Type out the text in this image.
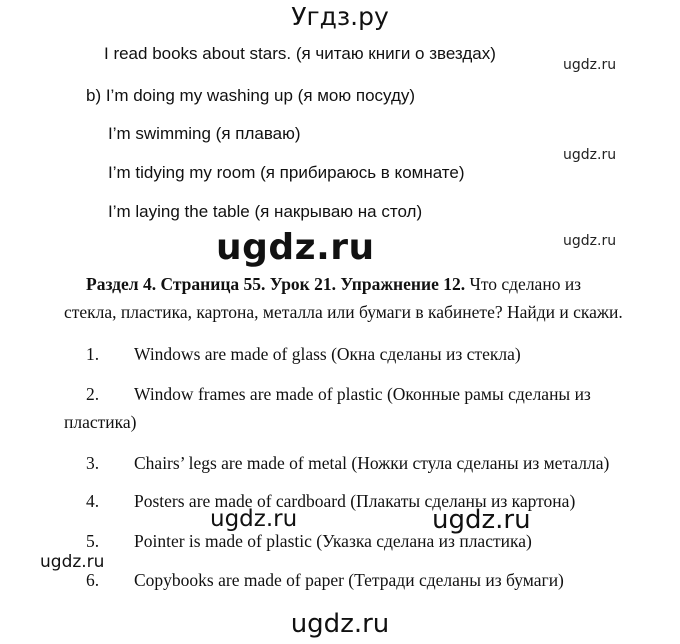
Угдз.ру
I read books about stars. (я читаю книги о звездах)
b) I’m doing my washing up (я мою посуду)
I’m swimming (я плаваю)
I’m tidying my room (я прибираюсь в комнате)
I’m laying the table (я накрываю на стол)
ugdz.ru
ugdz.ru
ugdz.ru
ugdz.ru
Раздел 4. Страница 55. Урок 21. Упражнение 12. Что сделано из
стекла, пластика, картона, металла или бумаги в кабинете? Найди и скажи.
1. Windows are made of glass (Окна сделаны из стекла)
2. Window frames are made of plastic (Оконные рамы сделаны из
пластика)
3. Chairs’ legs are made of metal (Ножки стула сделаны из металла)
4. Posters are made of cardboard (Плакаты сделаны из картона)
ugdz.ru	ugdz.ru
5. Pointer is made of plastic (Указка сделана из пластика)
ugdz.ru
6. Copybooks are made of paper (Тетради сделаны из бумаги)
ugdz.ru
